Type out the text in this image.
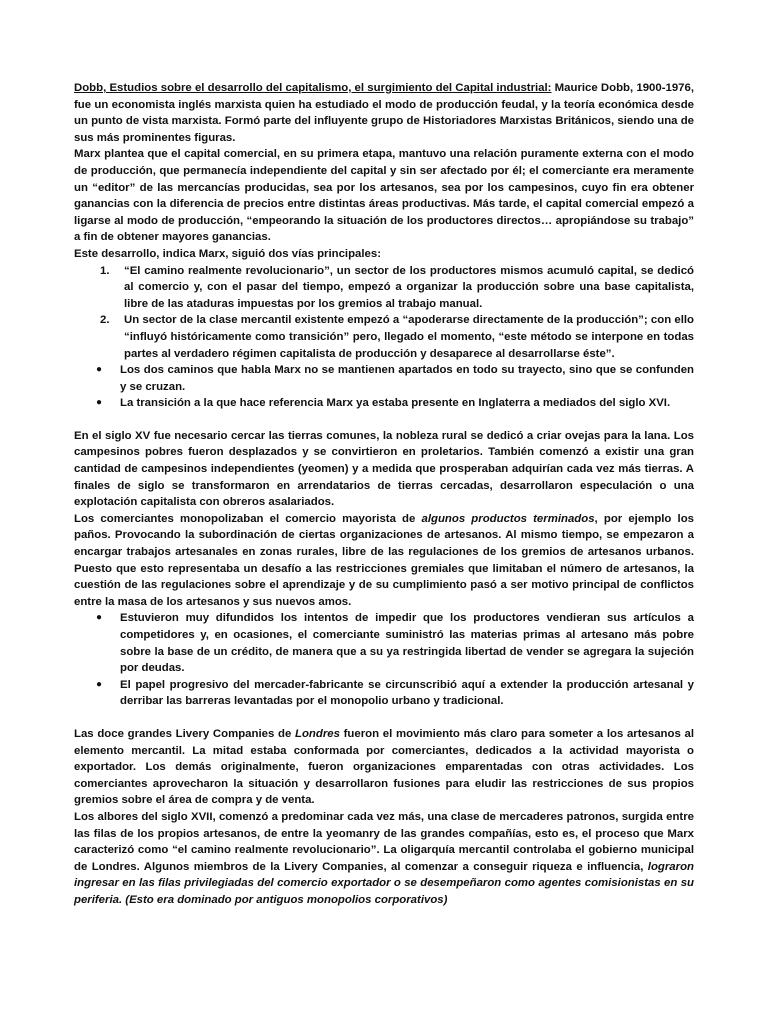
Dobb, Estudios sobre el desarrollo del capitalismo, el surgimiento del Capital industrial: Maurice Dobb, 1900-1976, fue un economista inglés marxista quien ha estudiado el modo de producción feudal, y la teoría económica desde un punto de vista marxista. Formó parte del influyente grupo de Historiadores Marxistas Británicos, siendo una de sus más prominentes figuras.

Marx plantea que el capital comercial, en su primera etapa, mantuvo una relación puramente externa con el modo de producción, que permanecía independiente del capital y sin ser afectado por él; el comerciante era meramente un “editor” de las mercancías producidas, sea por los artesanos, sea por los campesinos, cuyo fin era obtener ganancias con la diferencia de precios entre distintas áreas productivas. Más tarde, el capital comercial empezó a ligarse al modo de producción, “empeorando la situación de los productores directos… apropiándose su trabajo” a fin de obtener mayores ganancias.

Este desarrollo, indica Marx, siguió dos vías principales:

1. “El camino realmente revolucionario”, un sector de los productores mismos acumuló capital, se dedicó al comercio y, con el pasar del tiempo, empezó a organizar la producción sobre una base capitalista, libre de las ataduras impuestas por los gremios al trabajo manual.
2. Un sector de la clase mercantil existente empezó a “apoderarse directamente de la producción”; con ello “influyó históricamente como transición” pero, llegado el momento, “este método se interpone en todas partes al verdadero régimen capitalista de producción y desaparece al desarrollarse éste”.
● Los dos caminos que habla Marx no se mantienen apartados en todo su trayecto, sino que se confunden y se cruzan.
● La transición a la que hace referencia Marx ya estaba presente en Inglaterra a mediados del siglo XVI.

En el siglo XV fue necesario cercar las tierras comunes, la nobleza rural se dedicó a criar ovejas para la lana. Los campesinos pobres fueron desplazados y se convirtieron en proletarios. También comenzó a existir una gran cantidad de campesinos independientes (yeomen) y a medida que prosperaban adquirían cada vez más tierras. A finales de siglo se transformaron en arrendatarios de tierras cercadas, desarrollaron especulación o una explotación capitalista con obreros asalariados.

Los comerciantes monopolizaban el comercio mayorista de algunos productos terminados, por ejemplo los paños. Provocando la subordinación de ciertas organizaciones de artesanos. Al mismo tiempo, se empezaron a encargar trabajos artesanales en zonas rurales, libre de las regulaciones de los gremios de artesanos urbanos. Puesto que esto representaba un desafío a las restricciones gremiales que limitaban el número de artesanos, la cuestión de las regulaciones sobre el aprendizaje y de su cumplimiento pasó a ser motivo principal de conflictos entre la masa de los artesanos y sus nuevos amos.

● Estuvieron muy difundidos los intentos de impedir que los productores vendieran sus artículos a competidores y, en ocasiones, el comerciante suministró las materias primas al artesano más pobre sobre la base de un crédito, de manera que a su ya restringida libertad de vender se agregara la sujeción por deudas.
● El papel progresivo del mercader-fabricante se circunscribió aquí a extender la producción artesanal y derribar las barreras levantadas por el monopolio urbano y tradicional.

Las doce grandes Livery Companies de Londres fueron el movimiento más claro para someter a los artesanos al elemento mercantil. La mitad estaba conformada por comerciantes, dedicados a la actividad mayorista o exportador. Los demás originalmente, fueron organizaciones emparentadas con otras actividades. Los comerciantes aprovecharon la situación y desarrollaron fusiones para eludir las restricciones de sus propios gremios sobre el área de compra y de venta.

Los albores del siglo XVII, comenzó a predominar cada vez más, una clase de mercaderes patronos, surgida entre las filas de los propios artesanos, de entre la yeomanry de las grandes compañías, esto es, el proceso que Marx caracterizó como “el camino realmente revolucionario”. La oligarquía mercantil controlaba el gobierno municipal de Londres. Algunos miembros de la Livery Companies, al comenzar a conseguir riqueza e influencia, lograron ingresar en las filas privilegiadas del comercio exportador o se desempeñaron como agentes comisionistas en su periferia. (Esto era dominado por antiguos monopolios corporativos)
